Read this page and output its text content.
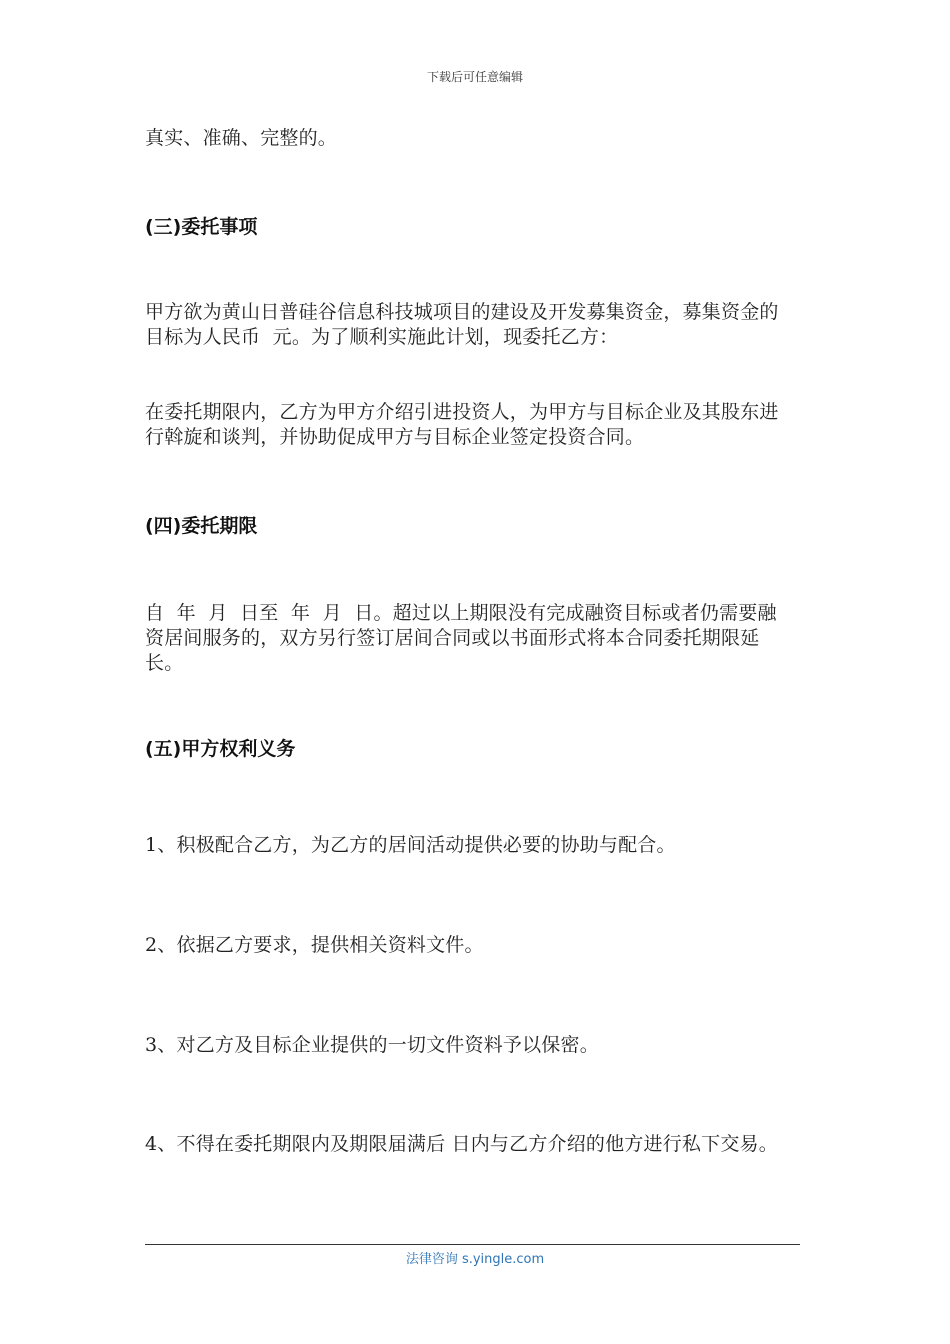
下载后可任意编辑
真实、准确、完整的。
(三)委托事项
甲方欲为黄山日普硅谷信息科技城项目的建设及开发募集资金，募集资金的目标为人民币  元。为了顺利实施此计划，现委托乙方：
在委托期限内，乙方为甲方介绍引进投资人，为甲方与目标企业及其股东进行斡旋和谈判，并协助促成甲方与目标企业签定投资合同。
(四)委托期限
自  年  月  日至  年  月  日。超过以上期限没有完成融资目标或者仍需要融资居间服务的，双方另行签订居间合同或以书面形式将本合同委托期限延长。
(五)甲方权利义务
1、积极配合乙方，为乙方的居间活动提供必要的协助与配合。
2、依据乙方要求，提供相关资料文件。
3、对乙方及目标企业提供的一切文件资料予以保密。
4、不得在委托期限内及期限届满后 日内与乙方介绍的他方进行私下交易。
法律咨询 s.yingle.com
